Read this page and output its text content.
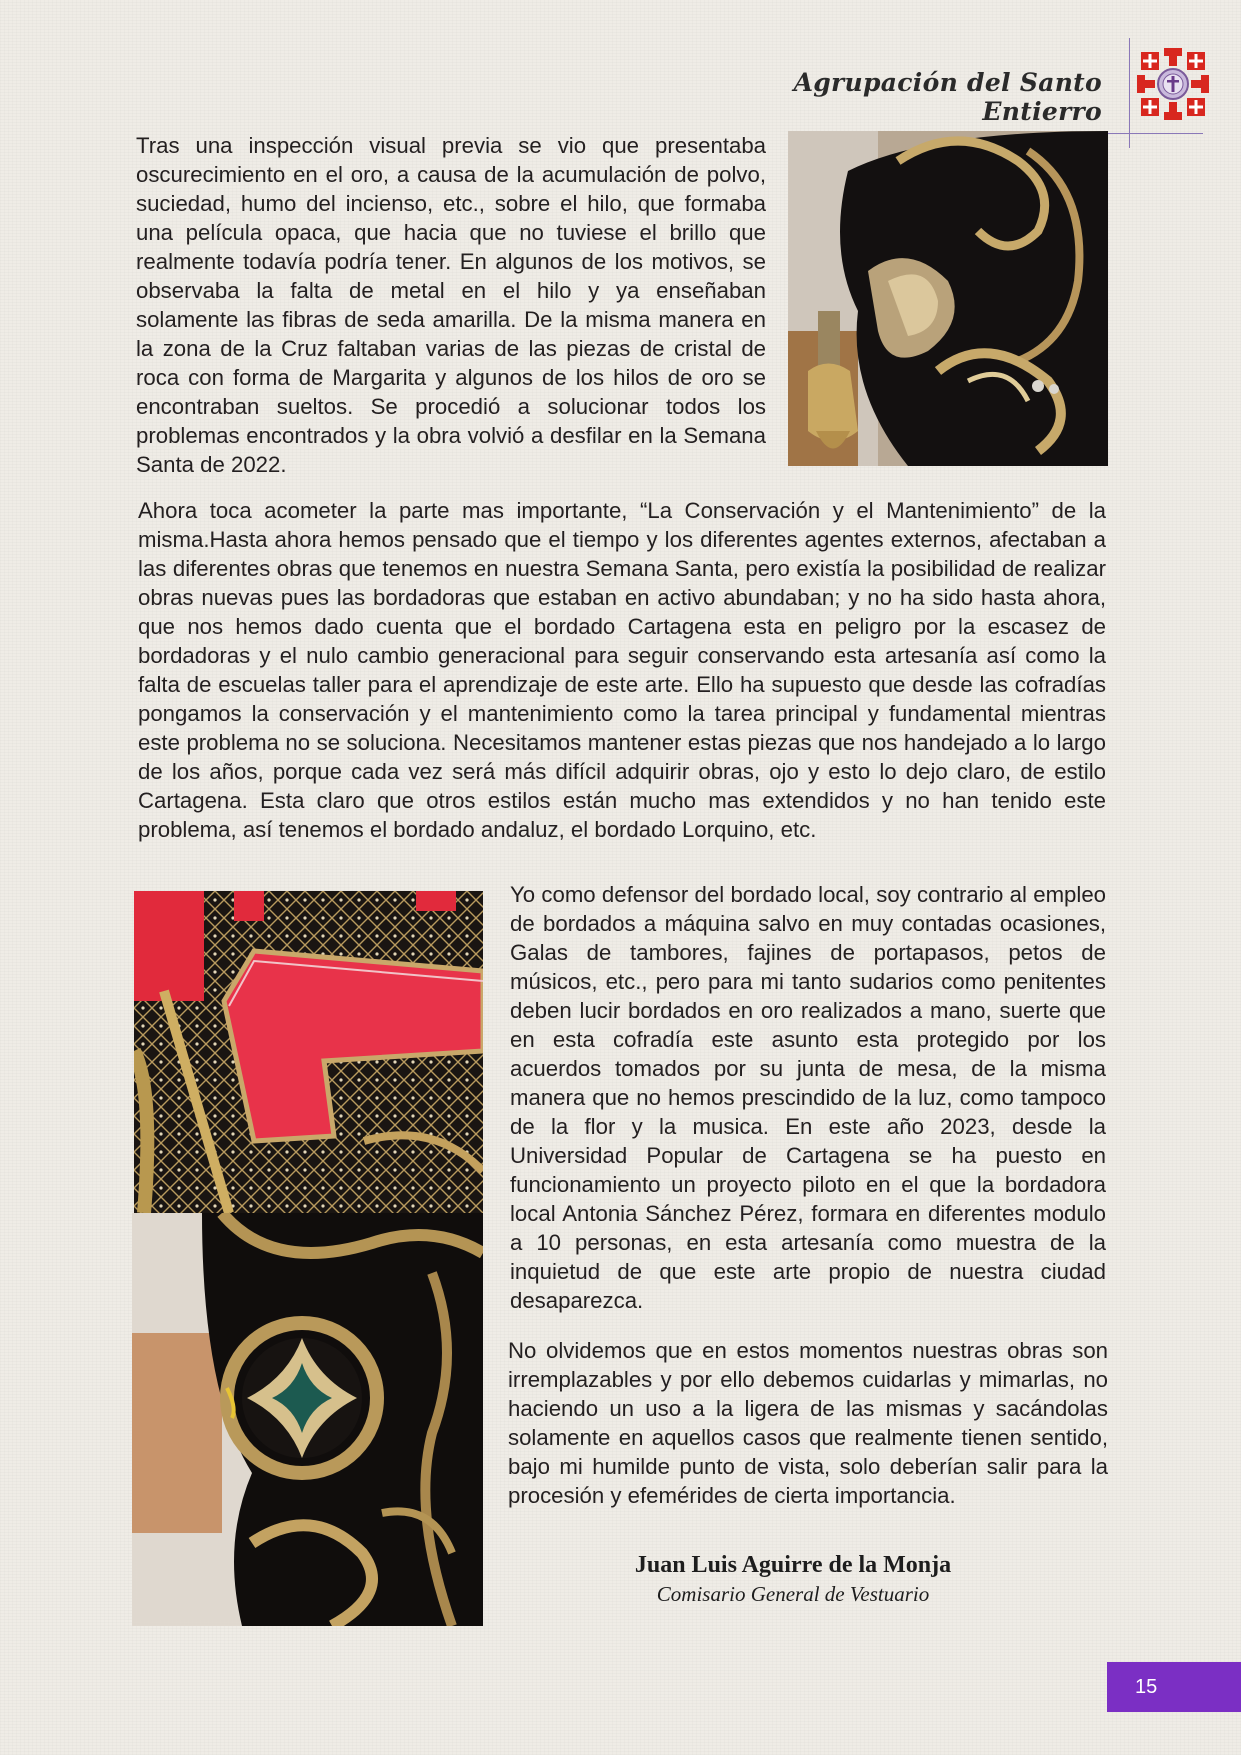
Agrupación del Santo Entierro

Tras una inspección visual previa se vio que presentaba oscurecimiento en el oro, a causa de la acumulación de polvo, suciedad, humo del incienso, etc., sobre el hilo, que formaba una película opaca, que hacia que no tuviese el brillo que realmente todavía podría tener. En algunos de los motivos, se observaba la falta de metal en el hilo y ya enseñaban solamente las fibras de seda amarilla. De la misma manera en la zona de la Cruz faltaban varias de las piezas de cristal de roca con forma de Margarita y algunos de los hilos de oro se encontraban sueltos. Se procedió a solucionar todos los problemas encontrados y la obra volvió a desfilar en la Semana Santa de 2022.

Ahora toca acometer la parte mas importante, “La Conservación y el Mantenimiento” de la misma.Hasta ahora hemos pensado que el tiempo y los diferentes agentes externos, afectaban a las diferentes obras que tenemos en nuestra Semana Santa, pero existía la posibilidad de realizar obras nuevas pues las bordadoras que estaban en activo abundaban; y no ha sido hasta ahora, que nos hemos dado cuenta que el bordado Cartagena esta en peligro por la escasez de bordadoras y el nulo cambio generacional para seguir conservando esta artesanía así como la falta de escuelas taller para el aprendizaje de este arte. Ello ha supuesto que desde las cofradías pongamos la conservación y el mantenimiento como la tarea principal y fundamental mientras este problema no se soluciona. Necesitamos mantener estas piezas que nos handejado a lo largo de los años, porque cada vez será más difícil adquirir obras, ojo y esto lo dejo claro, de estilo Cartagena. Esta claro que otros estilos están mucho mas extendidos y no han tenido este problema, así tenemos el bordado andaluz, el bordado Lorquino, etc.

Yo como defensor del bordado local, soy contrario al empleo de bordados a máquina salvo en muy contadas ocasiones, Galas de tambores, fajines de portapasos, petos de músicos, etc., pero para mi tanto sudarios como penitentes deben lucir bordados en oro realizados a mano, suerte que en esta cofradía este asunto esta protegido por los acuerdos tomados por su junta de mesa, de la misma manera que no hemos prescindido de la luz, como tampoco de la flor y la musica. En este año 2023, desde la Universidad Popular de Cartagena se ha puesto en funcionamiento un proyecto piloto en el que la bordadora local Antonia Sánchez Pérez, formara en diferentes modulo a 10 personas, en esta artesanía como muestra de la inquietud de que este arte propio de nuestra ciudad desaparezca.

No olvidemos que en estos momentos nuestras obras son irremplazables y por ello debemos cuidarlas y mimarlas, no haciendo un uso a la ligera de las mismas y sacándolas solamente en aquellos casos que realmente tienen sentido, bajo mi humilde punto de vista, solo deberían salir para la procesión y efemérides de cierta importancia.

Juan Luis Aguirre de la Monja
Comisario General de Vestuario
15
